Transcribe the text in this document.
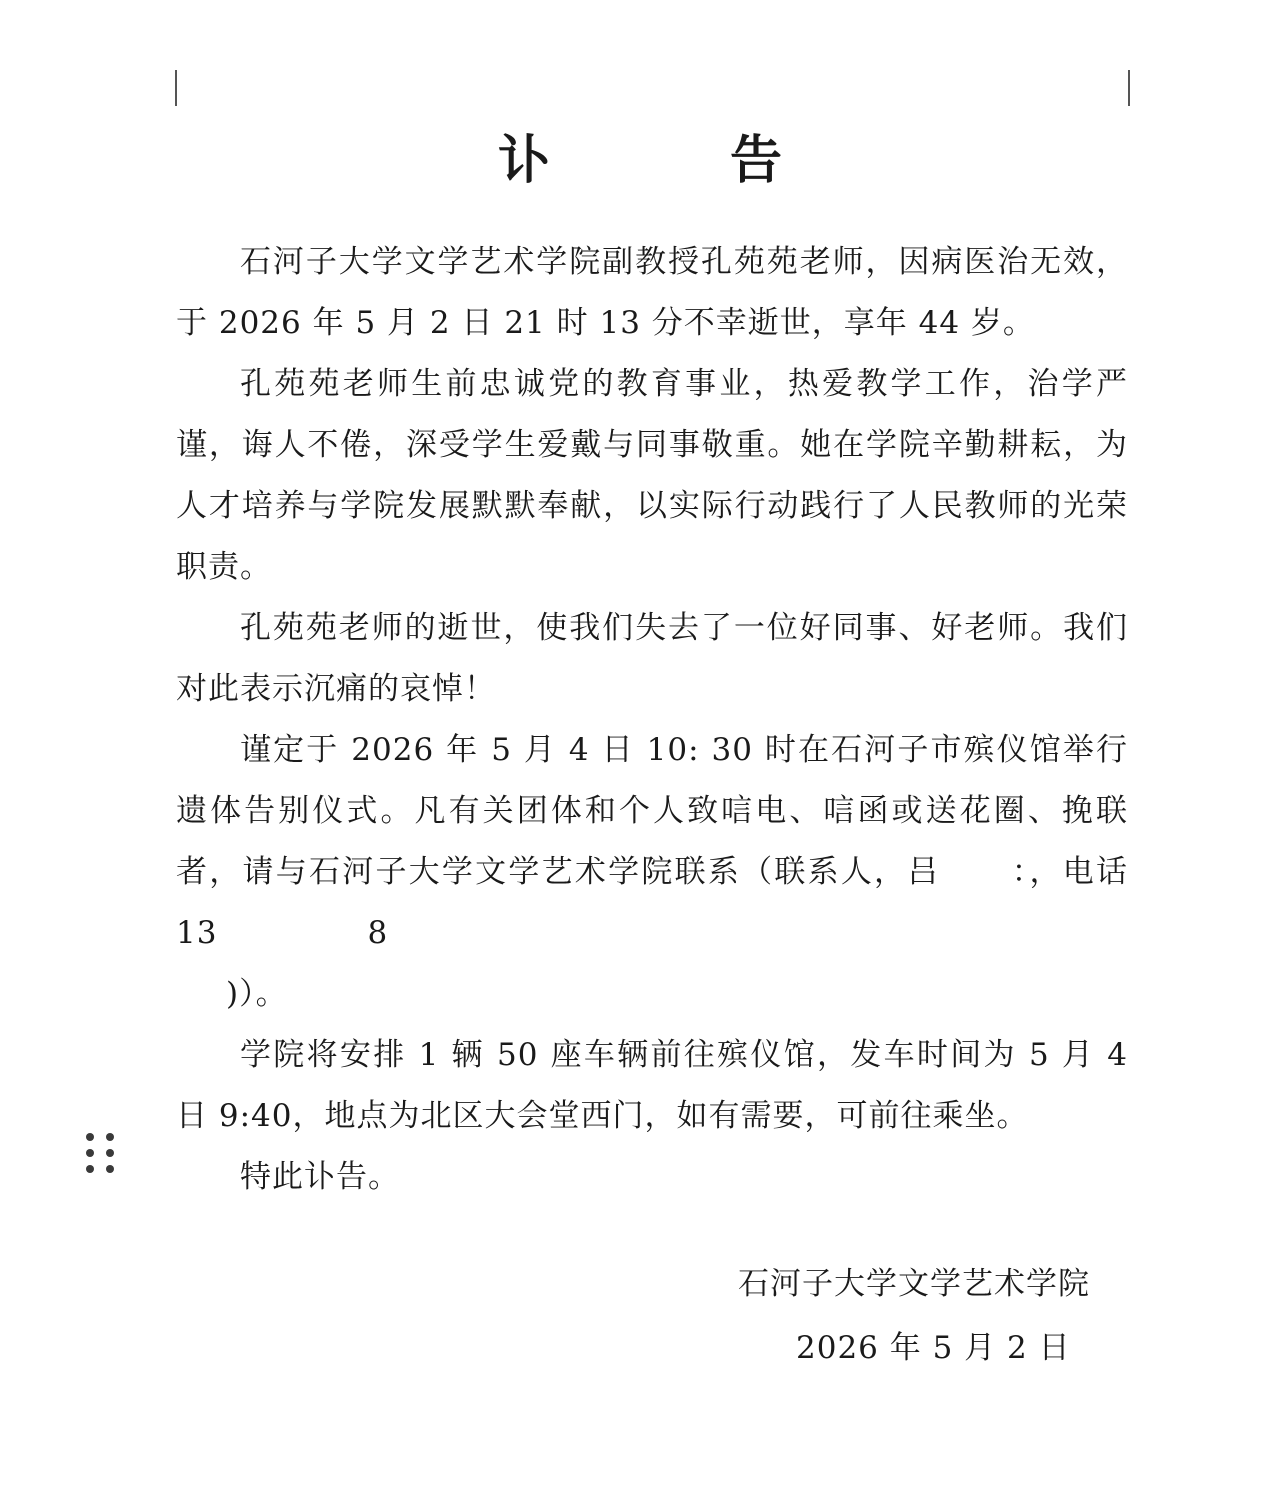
讣　告

石河子大学文学艺术学院副教授孔苑苑老师，因病医治无效，于 2026 年 5 月 2 日 21 时 13 分不幸逝世，享年 44 岁。

孔苑苑老师生前忠诚党的教育事业，热爱教学工作，治学严谨，诲人不倦，深受学生爱戴与同事敬重。她在学院辛勤耕耘，为人才培养与学院发展默默奉献，以实际行动践行了人民教师的光荣职责。

孔苑苑老师的逝世，使我们失去了一位好同事、好老师。我们对此表示沉痛的哀悼！

谨定于 2026 年 5 月 4 日 10: 30 时在石河子市殡仪馆举行遗体告别仪式。凡有关团体和个人致唁电、唁函或送花圈、挽联者，请与石河子大学文学艺术学院联系（联系人，吕 ：，电话 13	8
)）。

学院将安排 1 辆 50 座车辆前往殡仪馆，发车时间为 5 月 4 日 9:40，地点为北区大会堂西门，如有需要，可前往乘坐。

特此讣告。

石河子大学文学艺术学院
2026 年 5 月 2 日
